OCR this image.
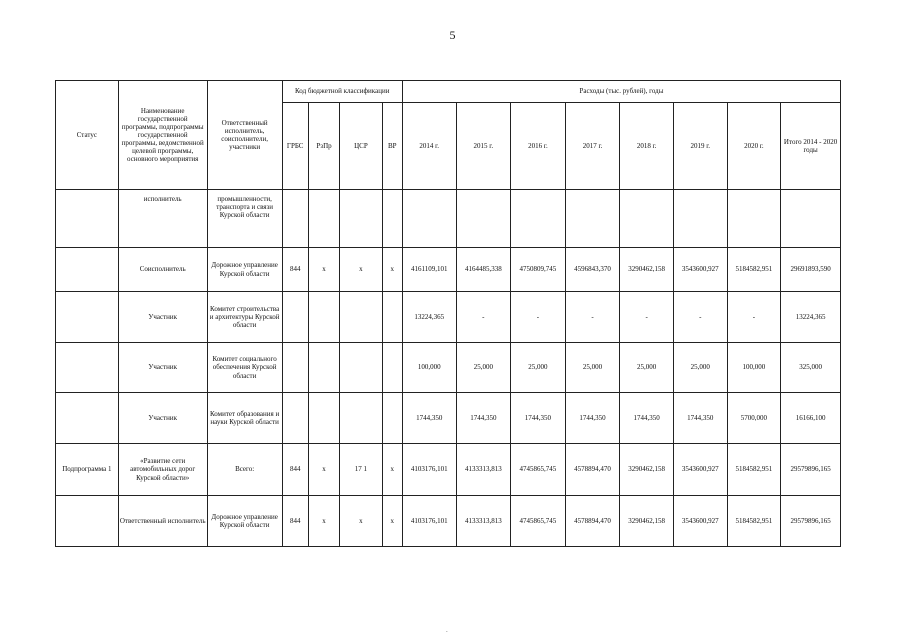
5
Статус	Наименование государственной программы, подпрограммы государственной программы, ведомственной целевой программы, основного мероприятия	Ответственный исполнитель, соисполнители, участники	Код бюджетной классификации				Расходы (тыс. рублей), годы							
			ГРБС	РзПр	ЦСР	ВР	2014 г.	2015 г.	2016 г.	2017 г.	2018 г.	2019 г.	2020 г.	Итого 2014 - 2020 годы
	исполнитель	промышленности, транспорта и связи Курской области												
	Соисполнитель	Дорожное управление Курской области	844	х	х	х	4161109,101	4164485,338	4750809,745	4596843,370	3290462,158	3543600,927	5184582,951	29691893,590
	Участник	Комитет строительства и архитектуры Курской области					13224,365	-	-	-	-	-	-	13224,365
	Участник	Комитет социального обеспечения Курской области					100,000	25,000	25,000	25,000	25,000	25,000	100,000	325,000
	Участник	Комитет образования и науки Курской области					1744,350	1744,350	1744,350	1744,350	1744,350	1744,350	5700,000	16166,100
Подпрограмма 1	«Развитие сети автомобильных дорог Курской области»	Всего:	844	х	17 1	х	4103176,101	4133313,813	4745865,745	4578894,470	3290462,158	3543600,927	5184582,951	29579896,165
	Ответственный исполнитель	Дорожное управление Курской области	844	х	х	х	4103176,101	4133313,813	4745865,745	4578894,470	3290462,158	3543600,927	5184582,951	29579896,165
.
